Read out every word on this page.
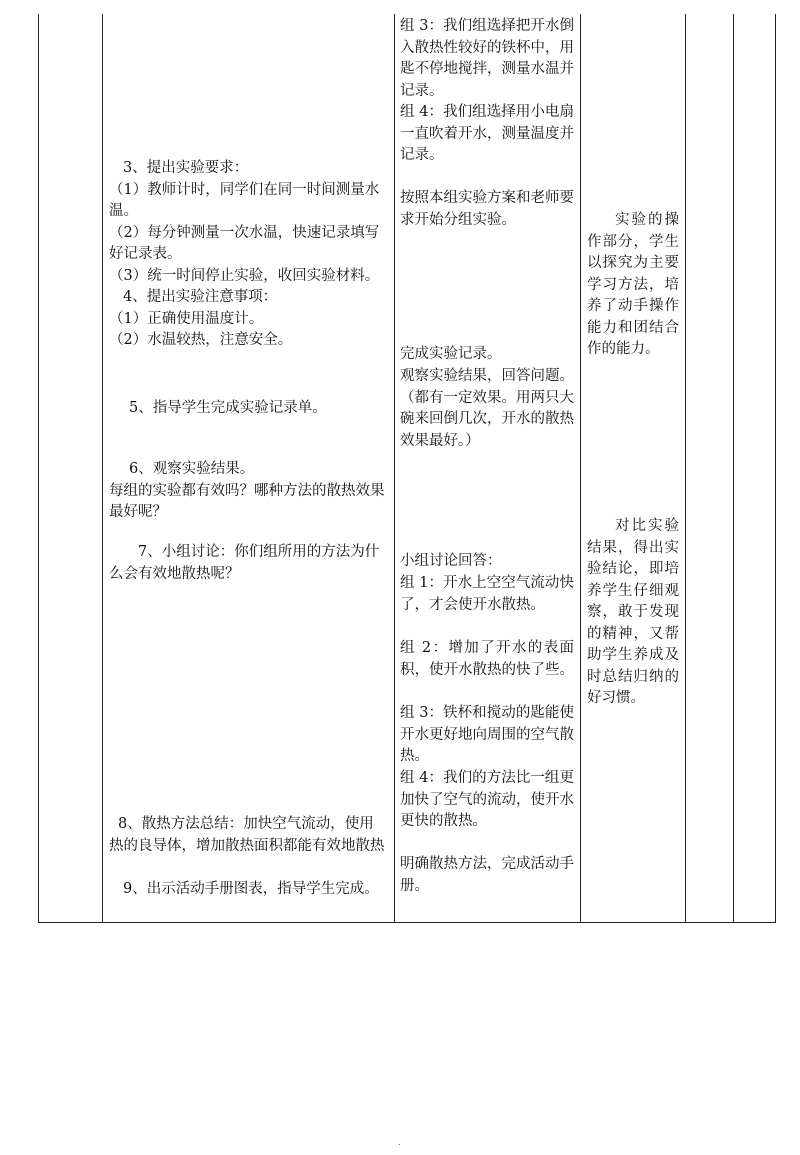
3、提出实验要求：

（1）教师计时，同学们在同一时间测量水温。

（2）每分钟测量一次水温，快速记录填写好记录表。

（3）统一时间停止实验，收回实验材料。

4、提出实验注意事项：

（1）正确使用温度计。

（2）水温较热，注意安全。

5、指导学生完成实验记录单。

6、观察实验结果。

每组的实验都有效吗？哪种方法的散热效果最好呢？

7、小组讨论：你们组所用的方法为什么会有效地散热呢？
8、散热方法总结：加快空气流动，使用热的良导体，增加散热面积都能有效地散热
9、出示活动手册图表，指导学生完成。
组 3：我们组选择把开水倒入散热性较好的铁杯中，用匙不停地搅拌，测量水温并记录。
组 4：我们组选择用小电扇一直吹着开水，测量温度并记录。
按照本组实验方案和老师要求开始分组实验。
完成实验记录。
观察实验结果，回答问题。（都有一定效果。用两只大碗来回倒几次，开水的散热效果最好。）
小组讨论回答：
组 1：开水上空空气流动快了，才会使开水散热。
组 2：增加了开水的表面积，使开水散热的快了些。
组 3：铁杯和搅动的匙能使开水更好地向周围的空气散热。
组 4：我们的方法比一组更加快了空气的流动，使开水更快的散热。
明确散热方法，完成活动手册。
实验的操作部分，学生以探究为主要学习方法，培养了动手操作能力和团结合作的能力。
对比实验结果，得出实验结论，即培养学生仔细观察，敢于发现的精神，又帮助学生养成及时总结归纳的好习惯。
.
